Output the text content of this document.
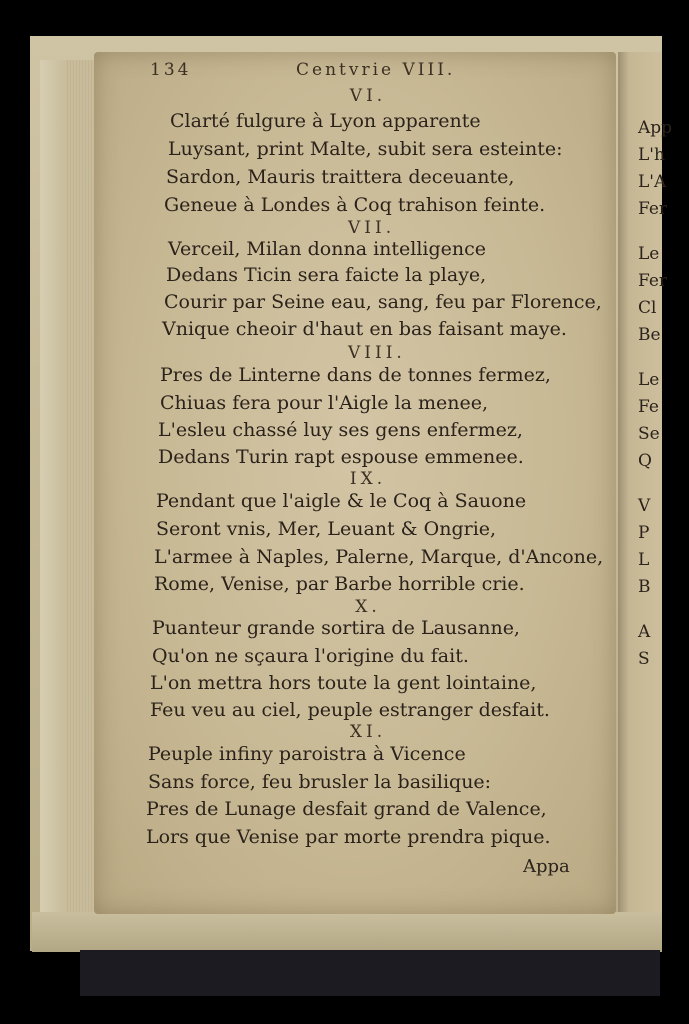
134	Centvrie VIII.
VI.
Clarté fulgure à Lyon apparente
Luysant, print Malte, subit sera esteinte:
Sardon, Mauris traittera deceuante,
Geneue à Londes à Coq trahison feinte.
VII.
Verceil, Milan donna intelligence
Dedans Ticin sera faicte la playe,
Courir par Seine eau, sang, feu par Florence,
Vnique cheoir d'haut en bas faisant maye.
VIII.
Pres de Linterne dans de tonnes fermez,
Chiuas fera pour l'Aigle la menee,
L'esleu chassé luy ses gens enfermez,
Dedans Turin rapt espouse emmenee.
IX.
Pendant que l'aigle & le Coq à Sauone
Seront vnis, Mer, Leuant & Ongrie,
L'armee à Naples, Palerne, Marque, d'Ancone,
Rome, Venise, par Barbe horrible crie.
X.
Puanteur grande sortira de Lausanne,
Qu'on ne sçaura l'origine du fait.
L'on mettra hors toute la gent lointaine,
Feu veu au ciel, peuple estranger desfait.
XI.
Peuple infiny paroistra à Vicence
Sans force, feu brusler la basilique:
Pres de Lunage desfait grand de Valence,
Lors que Venise par morte prendra pique.
Appa
App
L'h
L'A
Fer
Le
Fer
Cl
Be
Le
Fe
Se
Q
V
P
L
B
A
S
